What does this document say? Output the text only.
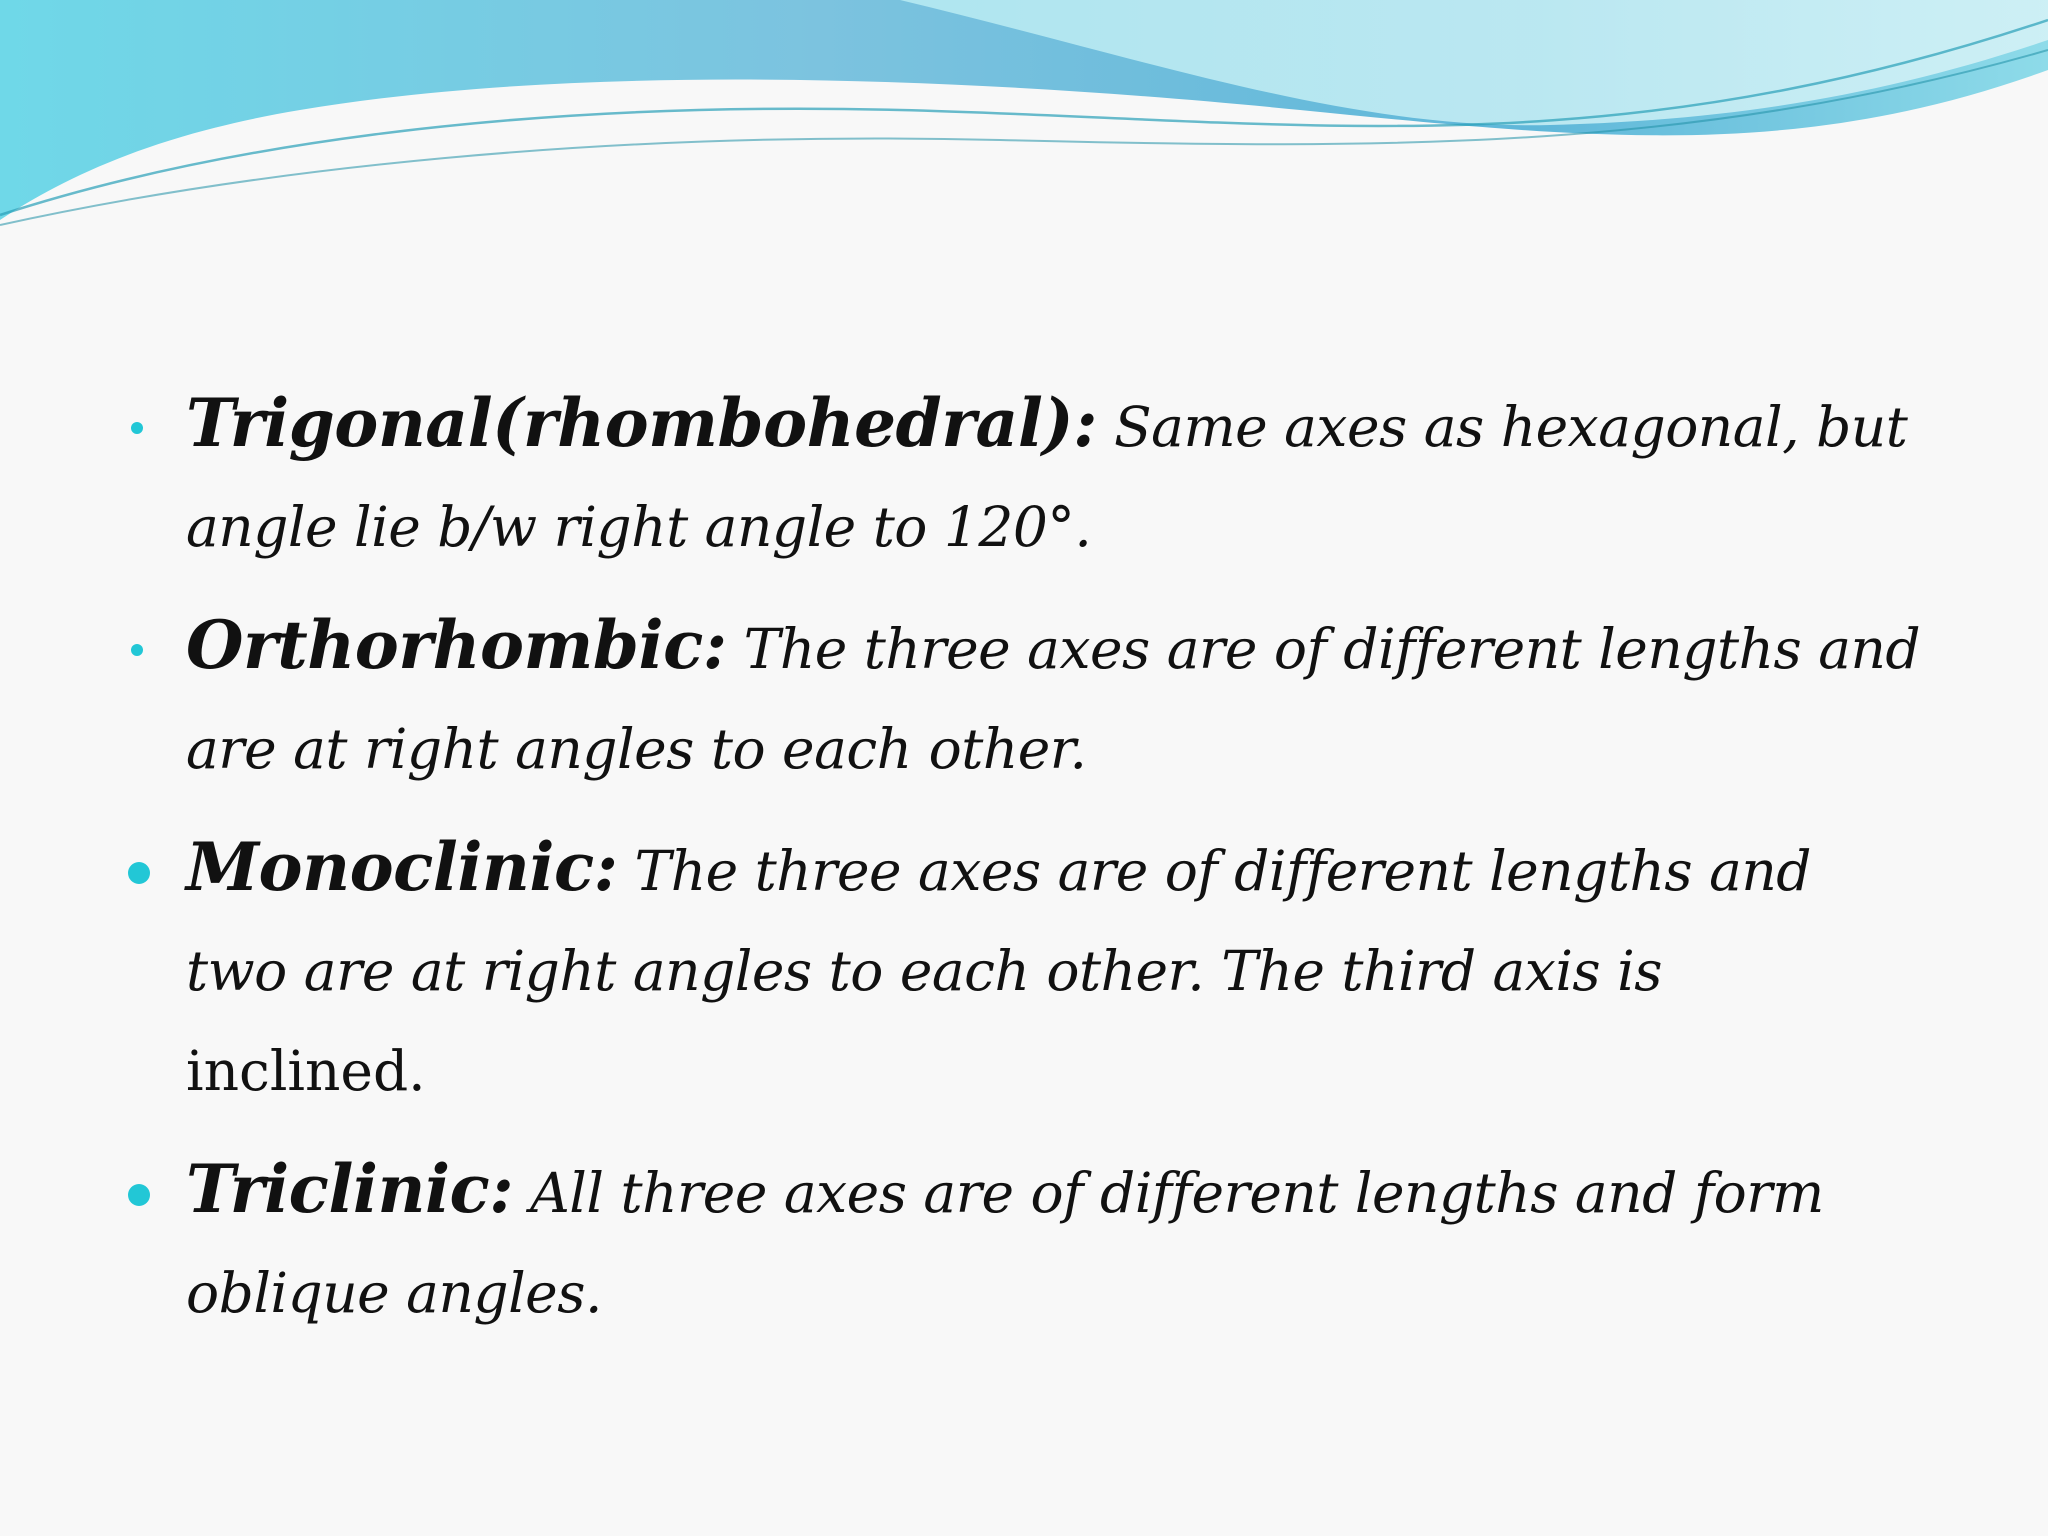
Trigonal(rhombohedral): Same axes as hexagonal, but angle lie b/w right angle to 120°.
Orthorhombic: The three axes are of different lengths and are at right angles to each other.
Monoclinic: The three axes are of different lengths and two are at right angles to each other. The third axis is
inclined.
Triclinic: All three axes are of different lengths and form oblique angles.
